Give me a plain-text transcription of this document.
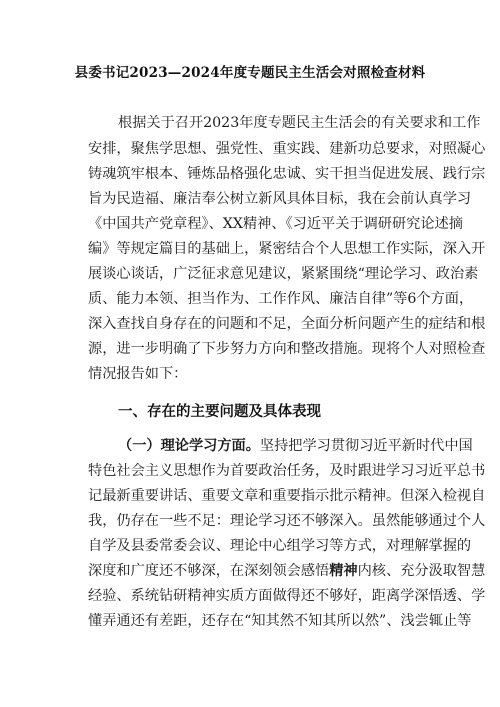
县委书记2023—2024年度专题民主生活会对照检查材料
根据关于召开2023年度专题民主生活会的有关要求和工作
安排，聚焦学思想、强党性、重实践、建新功总要求，对照凝心
铸魂筑牢根本、锤炼品格强化忠诚、实干担当促进发展、践行宗
旨为民造福、廉洁奉公树立新风具体目标，我在会前认真学习
《中国共产党章程》、XX精神、《习近平关于调研研究论述摘
编》等规定篇目的基础上，紧密结合个人思想工作实际，深入开
展谈心谈话，广泛征求意见建议，紧紧围绕“理论学习、政治素
质、能力本领、担当作为、工作作风、廉洁自律”等6个方面，
深入查找自身存在的问题和不足，全面分析问题产生的症结和根
源，进一步明确了下步努力方向和整改措施。现将个人对照检查
情况报告如下：
一、存在的主要问题及具体表现
（一）理论学习方面。坚持把学习贯彻习近平新时代中国
特色社会主义思想作为首要政治任务，及时跟进学习习近平总书
记最新重要讲话、重要文章和重要指示批示精神。但深入检视自
我，仍存在一些不足：理论学习还不够深入。虽然能够通过个人
自学及县委常委会议、理论中心组学习等方式，对理解掌握的
深度和广度还不够深，在深刻领会感悟精神内核、充分汲取智慧
经验、系统钻研精神实质方面做得还不够好，距离学深悟透、学
懂弄通还有差距，还存在“知其然不知其所以然”、浅尝辄止等
